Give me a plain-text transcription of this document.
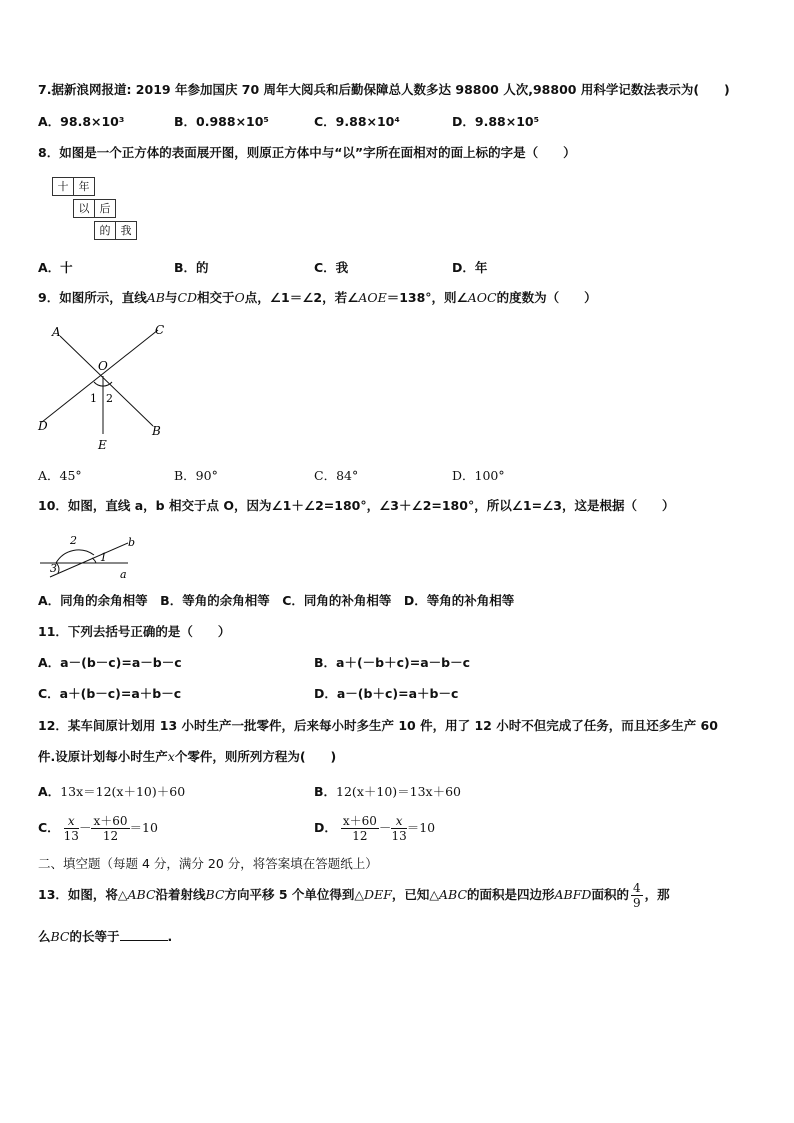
7.据新浪网报道: 2019 年参加国庆 70 周年大阅兵和后勤保障总人数多达 98800 人次,98800 用科学记数法表示为(　　)
A．98.8×10³	B．0.988×10⁵	C．9.88×10⁴	D．9.88×10⁵
8．如图是一个正方体的表面展开图，则原正方体中与“以”字所在面相对的面上标的字是（　　）
十 年
以 后
的 我
A．十	B．的	C．我	D．年
9．如图所示，直线AB与CD相交于O点，∠1＝∠2，若∠AOE＝138°，则∠AOC的度数为（　　）
A	C
O
D	B
E
1 2
A．45°	B．90°	C．84°	D．100°
10．如图，直线 a，b 相交于点 O，因为∠1＋∠2=180°，∠3＋∠2=180°，所以∠1=∠3，这是根据（　　）
2	b
1
3	a
A．同角的余角相等　B．等角的余角相等　C．同角的补角相等　D．等角的补角相等
11．下列去括号正确的是（　　）
A．a－(b－c)=a－b－c	B．a＋(－b＋c)=a－b－c
C．a＋(b－c)=a＋b－c	D．a－(b＋c)=a＋b－c
12．某车间原计划用 13 小时生产一批零件，后来每小时多生产 10 件，用了 12 小时不但完成了任务，而且还多生产 60
件.设原计划每小时生产x个零件，则所列方程为(　　)
A．13x＝12(x＋10)＋60	B．12(x＋10)＝13x＋60
C． $\frac{x}{13} - \frac{x+60}{12} =10$	D． $\frac{x+60}{12} - \frac{x}{13} =10$
二、填空题（每题 4 分，满分 20 分，将答案填在答题纸上）
13．如图，将△ ABC 沿着射线 BC 方向平移 5 个单位得到△ DEF ，已知△ ABC 的面积是四边形 ABFD 面积的 $\frac{4}{9}$ ，那
么BC的长等于	.
